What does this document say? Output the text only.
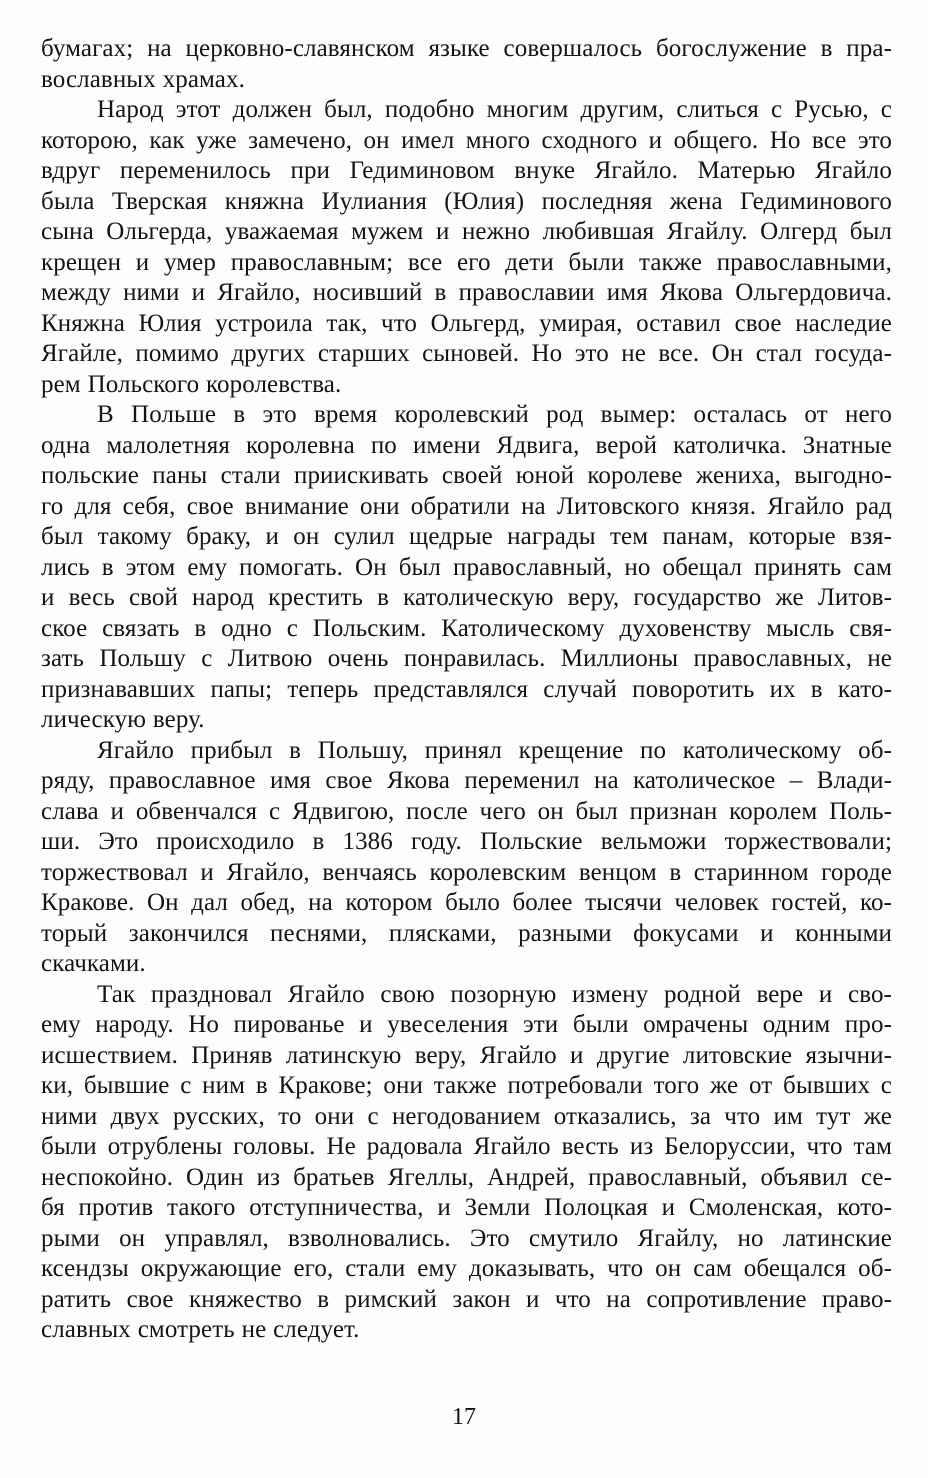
бумагах; на церковно-славянском языке совершалось богослужение в пра-
вославных храмах.
Народ этот должен был, подобно многим другим, слиться с Русью, с
которою, как уже замечено, он имел много сходного и общего. Но все это
вдруг переменилось при Гедиминовом внуке Ягайло. Матерью Ягайло
была Тверская княжна Иулиания (Юлия) последняя жена Гедиминового
сына Ольгерда, уважаемая мужем и нежно любившая Ягайлу. Олгерд был
крещен и умер православным; все его дети были также православными,
между ними и Ягайло, носивший в православии имя Якова Ольгердовича.
Княжна Юлия устроила так, что Ольгерд, умирая, оставил свое наследие
Ягайле, помимо других старших сыновей. Но это не все. Он стал госуда-
рем Польского королевства.
В Польше в это время королевский род вымер: осталась от него
одна малолетняя королевна по имени Ядвига, верой католичка. Знатные
польские паны стали приискивать своей юной королеве жениха, выгодно-
го для себя, свое внимание они обратили на Литовского князя. Ягайло рад
был такому браку, и он сулил щедрые награды тем панам, которые взя-
лись в этом ему помогать. Он был православный, но обещал принять сам
и весь свой народ крестить в католическую веру, государство же Литов-
ское связать в одно с Польским. Католическому духовенству мысль свя-
зать Польшу с Литвою очень понравилась. Миллионы православных, не
признававших папы; теперь представлялся случай поворотить их в като-
лическую веру.
Ягайло прибыл в Польшу, принял крещение по католическому об-
ряду, православное имя свое Якова переменил на католическое – Влади-
слава и обвенчался с Ядвигою, после чего он был признан королем Поль-
ши. Это происходило в 1386 году. Польские вельможи торжествовали;
торжествовал и Ягайло, венчаясь королевским венцом в старинном городе
Кракове. Он дал обед, на котором было более тысячи человек гостей, ко-
торый закончился песнями, плясками, разными фокусами и конными
скачками.
Так праздновал Ягайло свою позорную измену родной вере и сво-
ему народу. Но пированье и увеселения эти были омрачены одним про-
исшествием. Приняв латинскую веру, Ягайло и другие литовские язычни-
ки, бывшие с ним в Кракове; они также потребовали того же от бывших с
ними двух русских, то они с негодованием отказались, за что им тут же
были отрублены головы. Не радовала Ягайло весть из Белоруссии, что там
неспокойно. Один из братьев Ягеллы, Андрей, православный, объявил се-
бя против такого отступничества, и Земли Полоцкая и Смоленская, кото-
рыми он управлял, взволновались. Это смутило Ягайлу, но латинские
ксендзы окружающие его, стали ему доказывать, что он сам обещался об-
ратить свое княжество в римский закон и что на сопротивление право-
славных смотреть не следует.
17
